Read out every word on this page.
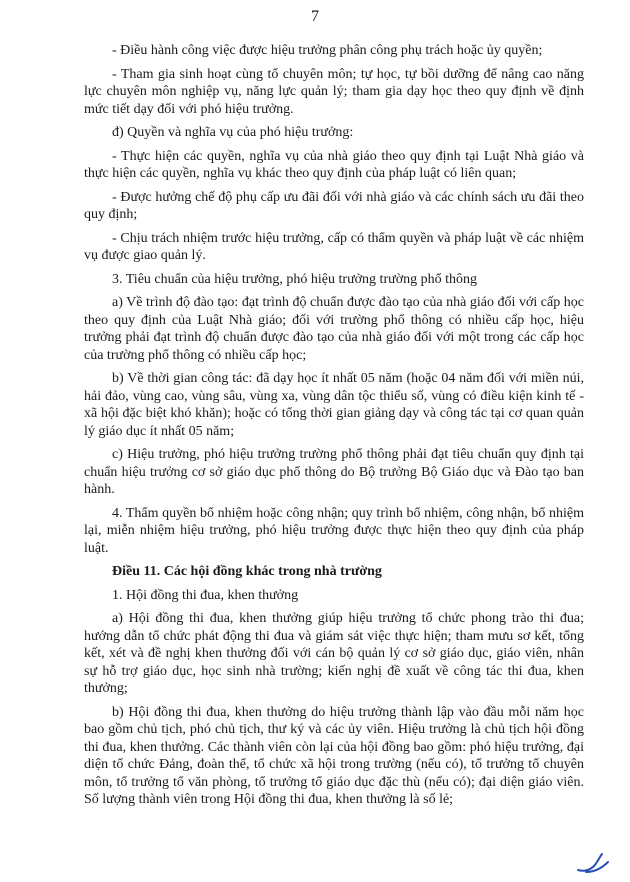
7

- Điều hành công việc được hiệu trưởng phân công phụ trách hoặc ủy quyền;

- Tham gia sinh hoạt cùng tổ chuyên môn; tự học, tự bồi dưỡng để nâng cao năng lực chuyên môn nghiệp vụ, năng lực quản lý; tham gia dạy học theo quy định về định mức tiết dạy đối với phó hiệu trưởng.

đ) Quyền và nghĩa vụ của phó hiệu trưởng:

- Thực hiện các quyền, nghĩa vụ của nhà giáo theo quy định tại Luật Nhà giáo và thực hiện các quyền, nghĩa vụ khác theo quy định của pháp luật có liên quan;

- Được hưởng chế độ phụ cấp ưu đãi đối với nhà giáo và các chính sách ưu đãi theo quy định;

- Chịu trách nhiệm trước hiệu trưởng, cấp có thẩm quyền và pháp luật về các nhiệm vụ được giao quản lý.

3. Tiêu chuẩn của hiệu trưởng, phó hiệu trưởng trường phổ thông

a) Về trình độ đào tạo: đạt trình độ chuẩn được đào tạo của nhà giáo đối với cấp học theo quy định của Luật Nhà giáo; đối với trường phổ thông có nhiều cấp học, hiệu trưởng phải đạt trình độ chuẩn được đào tạo của nhà giáo đối với một trong các cấp học của trường phổ thông có nhiều cấp học;

b) Về thời gian công tác: đã dạy học ít nhất 05 năm (hoặc 04 năm đối với miền núi, hải đảo, vùng cao, vùng sâu, vùng xa, vùng dân tộc thiểu số, vùng có điều kiện kinh tế - xã hội đặc biệt khó khăn); hoặc có tổng thời gian giảng dạy và công tác tại cơ quan quản lý giáo dục ít nhất 05 năm;

c) Hiệu trưởng, phó hiệu trưởng trường phổ thông phải đạt tiêu chuẩn quy định tại chuẩn hiệu trưởng cơ sở giáo dục phổ thông do Bộ trưởng Bộ Giáo dục và Đào tạo ban hành.

4. Thẩm quyền bổ nhiệm hoặc công nhận; quy trình bổ nhiệm, công nhận, bổ nhiệm lại, miễn nhiệm hiệu trưởng, phó hiệu trưởng được thực hiện theo quy định của pháp luật.

Điều 11. Các hội đồng khác trong nhà trường

1. Hội đồng thi đua, khen thưởng

a) Hội đồng thi đua, khen thưởng giúp hiệu trưởng tổ chức phong trào thi đua; hướng dẫn tổ chức phát động thi đua và giám sát việc thực hiện; tham mưu sơ kết, tổng kết, xét và đề nghị khen thưởng đối với cán bộ quản lý cơ sở giáo dục, giáo viên, nhân sự hỗ trợ giáo dục, học sinh nhà trường; kiến nghị đề xuất về công tác thi đua, khen thưởng;

b) Hội đồng thi đua, khen thưởng do hiệu trưởng thành lập vào đầu mỗi năm học bao gồm chủ tịch, phó chủ tịch, thư ký và các ủy viên. Hiệu trưởng là chủ tịch hội đồng thi đua, khen thưởng. Các thành viên còn lại của hội đồng bao gồm: phó hiệu trưởng, đại diện tổ chức Đảng, đoàn thể, tổ chức xã hội trong trường (nếu có), tổ trưởng tổ chuyên môn, tổ trưởng tổ văn phòng, tổ trưởng tổ giáo dục đặc thù (nếu có); đại diện giáo viên. Số lượng thành viên trong Hội đồng thi đua, khen thưởng là số lẻ;
